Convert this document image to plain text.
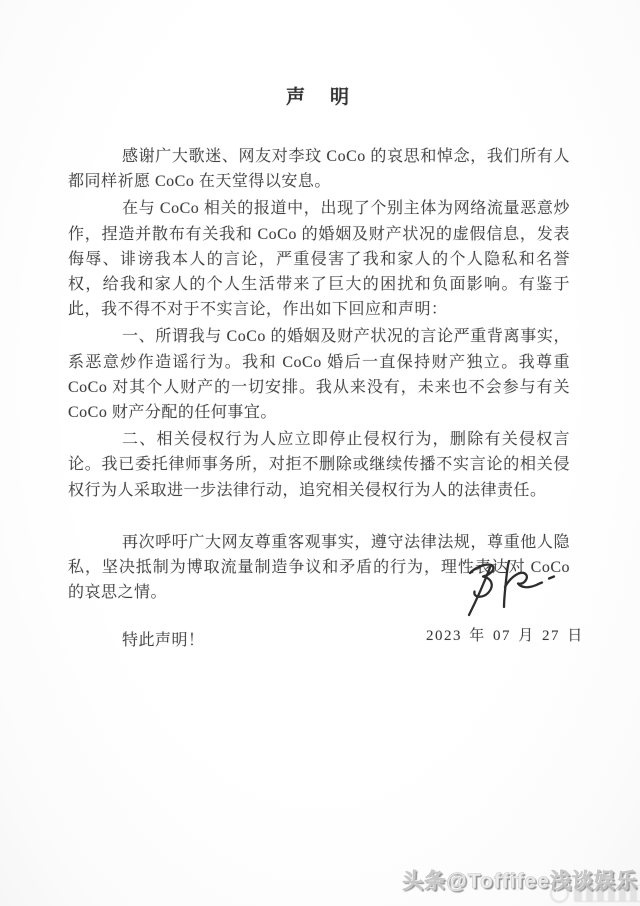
声　明

感谢广大歌迷、网友对李玟 CoCo 的哀思和悼念，我们所有人都同样祈愿 CoCo 在天堂得以安息。

在与 CoCo 相关的报道中，出现了个别主体为网络流量恶意炒作，捏造并散布有关我和 CoCo 的婚姻及财产状况的虚假信息，发表侮辱、诽谤我本人的言论，严重侵害了我和家人的个人隐私和名誉权，给我和家人的个人生活带来了巨大的困扰和负面影响。有鉴于此，我不得不对于不实言论，作出如下回应和声明：

一、所谓我与 CoCo 的婚姻及财产状况的言论严重背离事实，系恶意炒作造谣行为。我和 CoCo 婚后一直保持财产独立。我尊重 CoCo 对其个人财产的一切安排。我从来没有，未来也不会参与有关 CoCo 财产分配的任何事宜。

二、相关侵权行为人应立即停止侵权行为，删除有关侵权言论。我已委托律师事务所，对拒不删除或继续传播不实言论的相关侵权行为人采取进一步法律行动，追究相关侵权行为人的法律责任。

再次呼吁广大网友尊重客观事实，遵守法律法规，尊重他人隐私，坚决抵制为博取流量制造争议和矛盾的行为，理性表达对 CoCo 的哀思之情。

特此声明！	2023 年 07 月 27 日
头条@Toffifee浅谈娱乐
